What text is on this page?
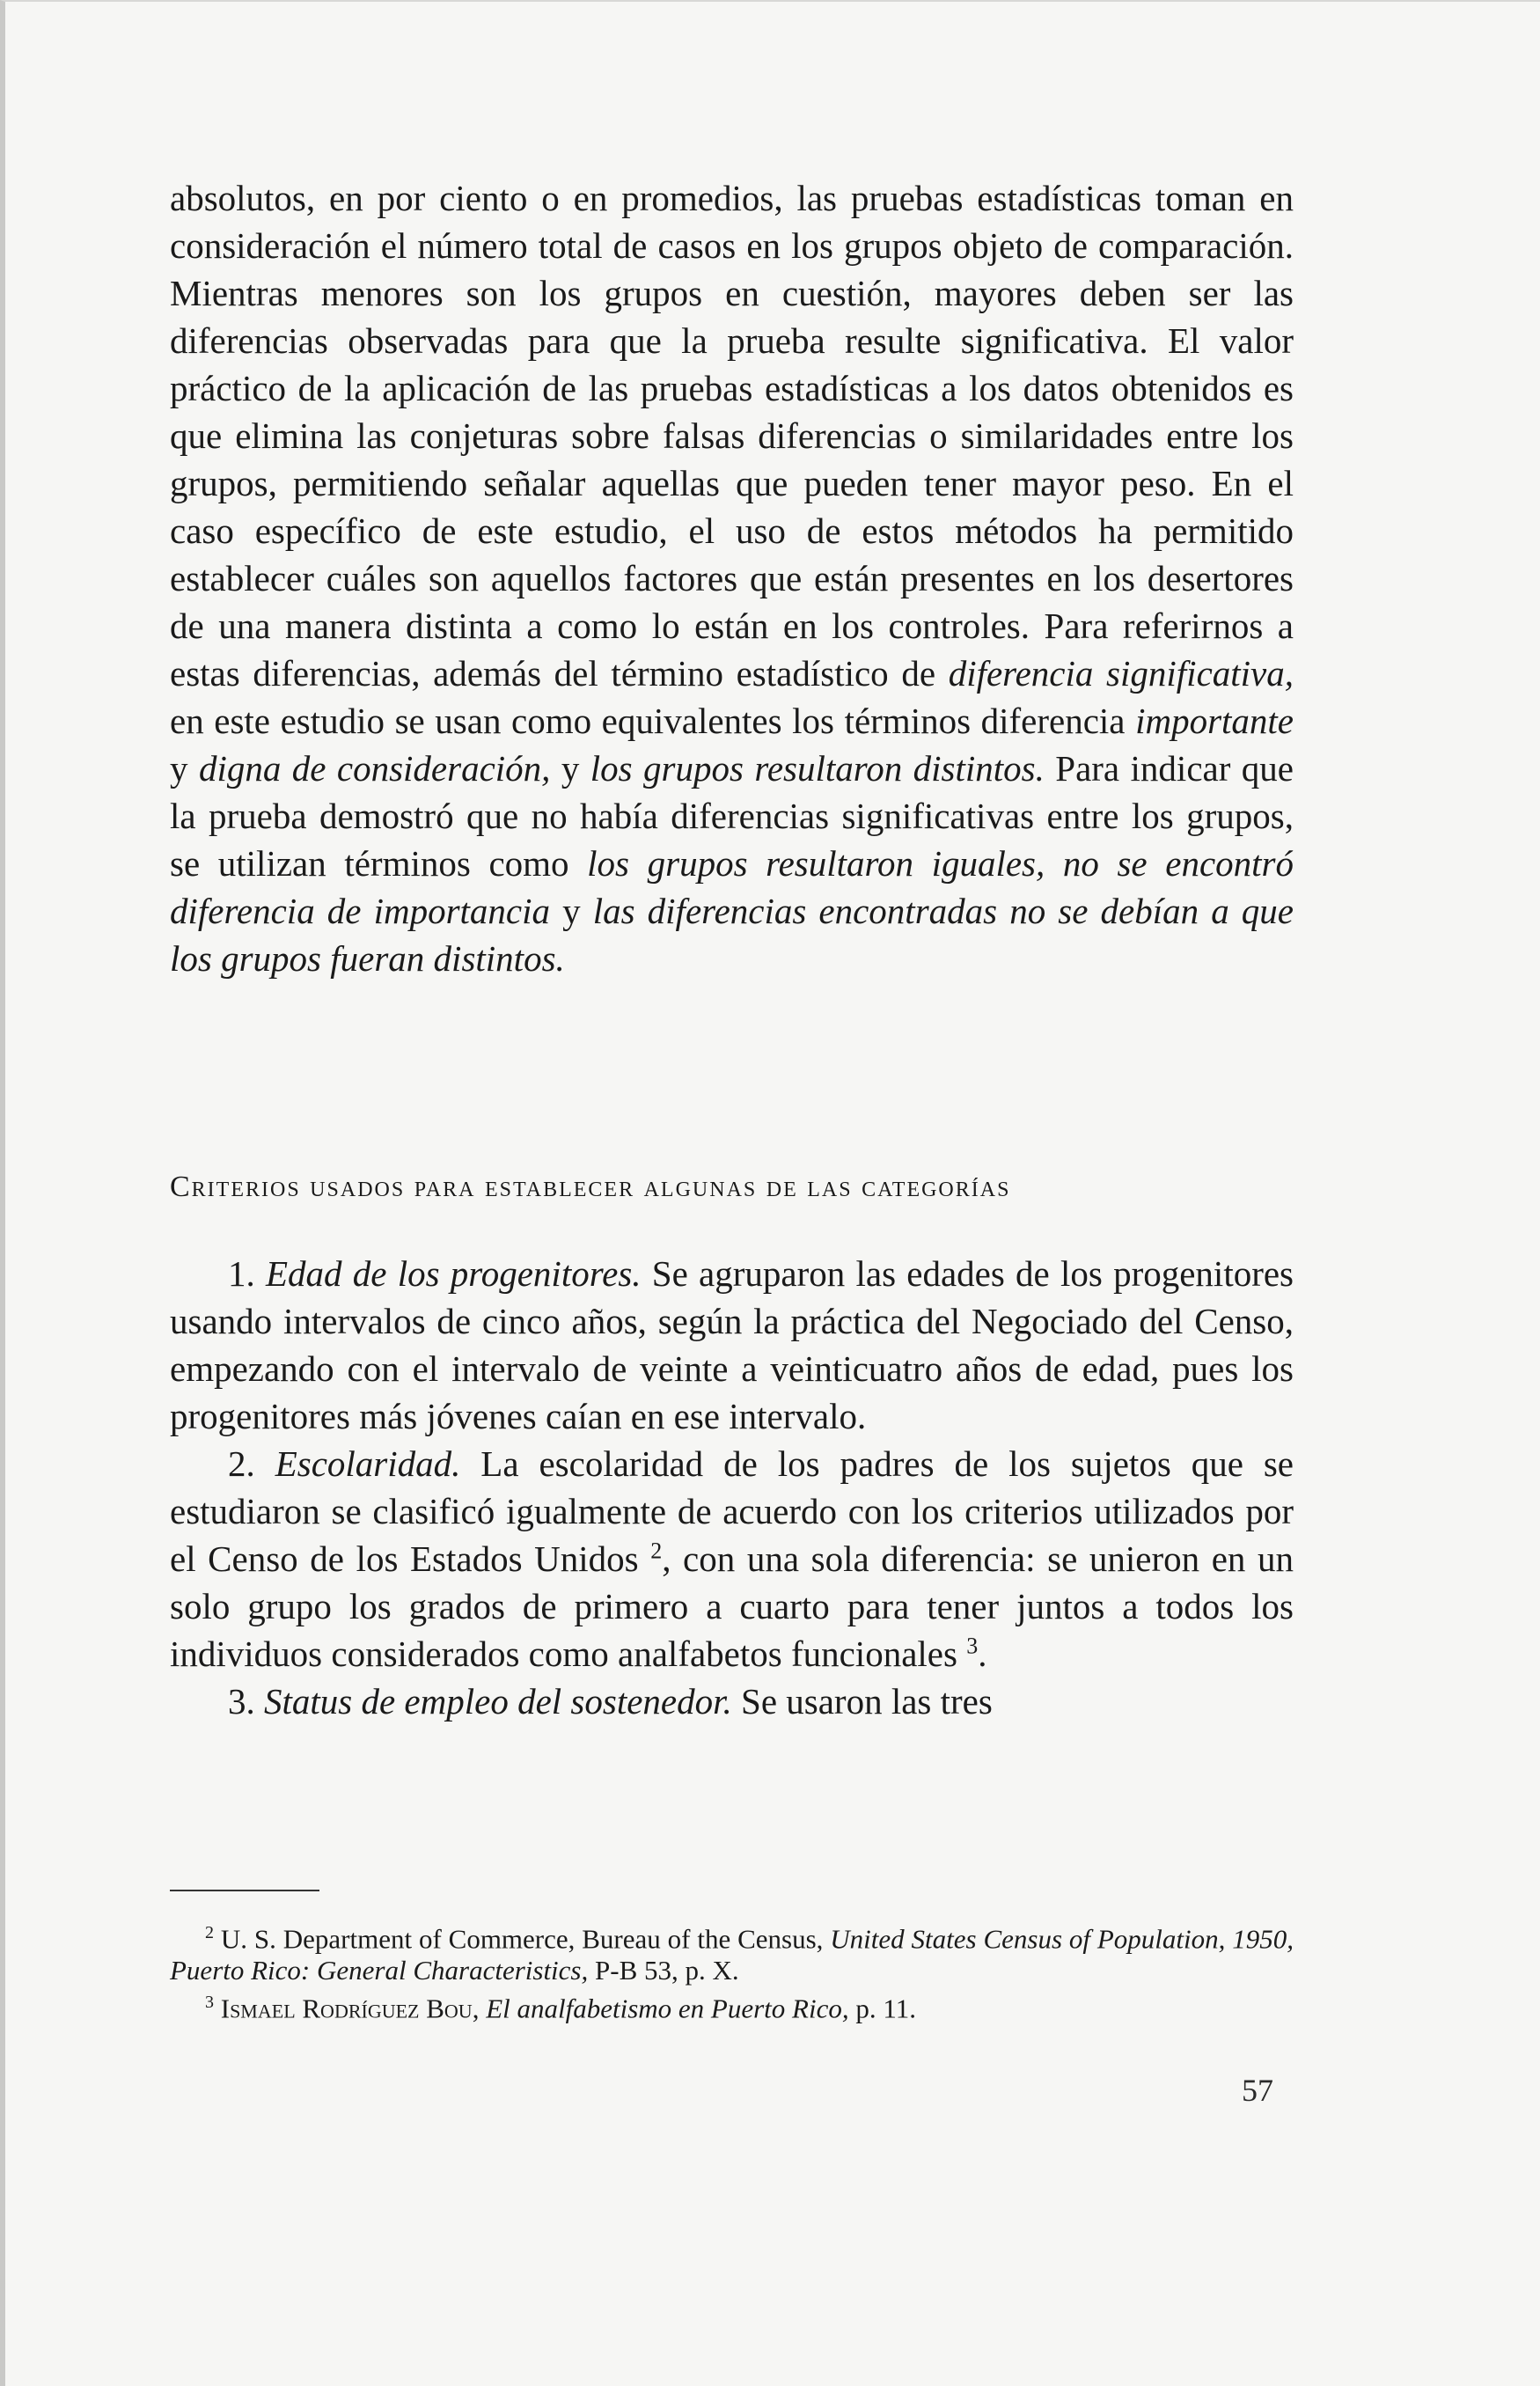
absolutos, en por ciento o en promedios, las pruebas estadísticas toman en consideración el número total de casos en los grupos objeto de comparación. Mientras menores son los grupos en cuestión, mayores deben ser las diferencias observadas para que la prueba resulte significativa. El valor práctico de la aplicación de las pruebas estadísticas a los datos obtenidos es que elimina las conjeturas sobre falsas diferencias o similaridades entre los grupos, permitiendo señalar aquellas que pueden tener mayor peso. En el caso específico de este estudio, el uso de estos métodos ha permitido establecer cuáles son aquellos factores que están presentes en los desertores de una manera distinta a como lo están en los controles. Para referirnos a estas diferencias, además del término estadístico de diferencia significativa, en este estudio se usan como equivalentes los términos diferencia importante y digna de consideración, y los grupos resultaron distintos. Para indicar que la prueba demostró que no había diferencias significativas entre los grupos, se utilizan términos como los grupos resultaron iguales, no se encontró diferencia de importancia y las diferencias encontradas no se debían a que los grupos fueran distintos.

Criterios usados para establecer algunas de las categorías

1. Edad de los progenitores. Se agruparon las edades de los progenitores usando intervalos de cinco años, según la práctica del Negociado del Censo, empezando con el intervalo de veinte a veinticuatro años de edad, pues los progenitores más jóvenes caían en ese intervalo.

2. Escolaridad. La escolaridad de los padres de los sujetos que se estudiaron se clasificó igualmente de acuerdo con los criterios utilizados por el Censo de los Estados Unidos $^2$, con una sola diferencia: se unieron en un solo grupo los grados de primero a cuarto para tener juntos a todos los individuos considerados como analfabetos funcionales $^3$.

3. Status de empleo del sostenedor. Se usaron las tres

$^2$ U. S. Department of Commerce, Bureau of the Census, United States Census of Population, 1950, Puerto Rico: General Characteristics, P-B 53, p. X.

$^3$ Ismael Rodríguez Bou, El analfabetismo en Puerto Rico, p. 11.

57
